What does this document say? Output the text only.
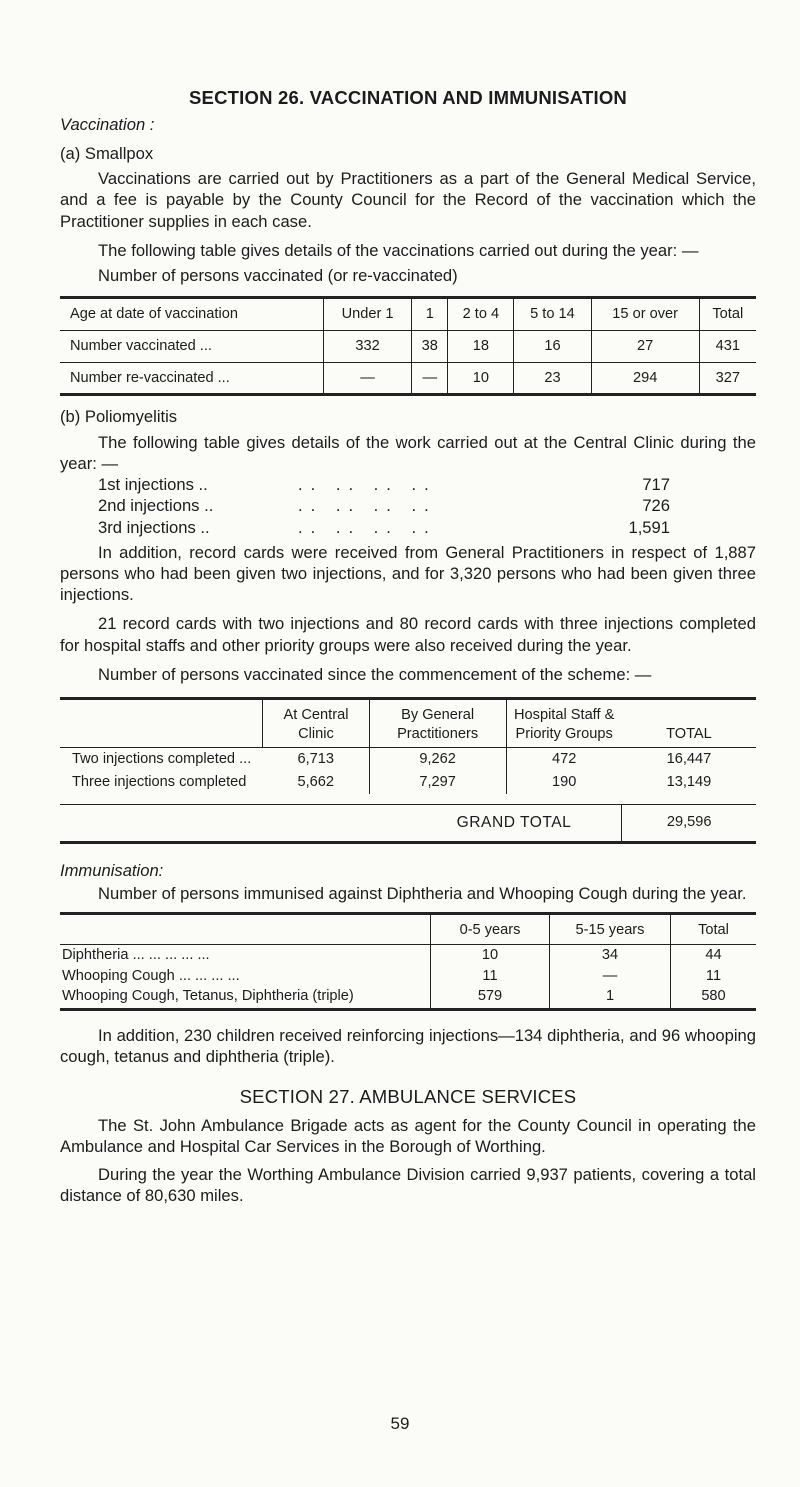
SECTION 26. VACCINATION AND IMMUNISATION

Vaccination :

(a) Smallpox

Vaccinations are carried out by Practitioners as a part of the General Medical Service, and a fee is payable by the County Council for the Record of the vaccination which the Practitioner supplies in each case.

The following table gives details of the vaccinations carried out during the year: —

Number of persons vaccinated (or re-vaccinated)

Age at date of vaccination	Under 1	1	2 to 4	5 to 14	15 or over	Total
Number vaccinated ...	332	38	18	16	27	431
Number re-vaccinated ...	—	—	10	23	294	327

(b) Poliomyelitis

The following table gives details of the work carried out at the Central Clinic during the year: —

1st injections ..	.. .. .. ..	717
2nd injections ..	.. .. .. ..	726
3rd injections ..	.. .. .. ..	1,591

In addition, record cards were received from General Practitioners in respect of 1,887 persons who had been given two injections, and for 3,320 persons who had been given three injections.

21 record cards with two injections and 80 record cards with three injections completed for hospital staffs and other priority groups were also received during the year.

Number of persons vaccinated since the commencement of the scheme: —

	At Central Clinic	By General Practitioners	Hospital Staff & Priority Groups	TOTAL
Two injections completed ...	6,713	9,262	472	16,447
Three injections completed	5,662	7,297	190	13,149

GRAND TOTAL				29,596

Immunisation:

Number of persons immunised against Diphtheria and Whooping Cough during the year.

	0-5 years	5-15 years	Total
Diphtheria ... ... ... ... ...	10	34	44
Whooping Cough ... ... ... ...	11	—	11
Whooping Cough, Tetanus, Diphtheria (triple)	579	1	580

In addition, 230 children received reinforcing injections—134 diphtheria, and 96 whooping cough, tetanus and diphtheria (triple).

SECTION 27. AMBULANCE SERVICES

The St. John Ambulance Brigade acts as agent for the County Council in operating the Ambulance and Hospital Car Services in the Borough of Worthing.

During the year the Worthing Ambulance Division carried 9,937 patients, covering a total distance of 80,630 miles.

59
